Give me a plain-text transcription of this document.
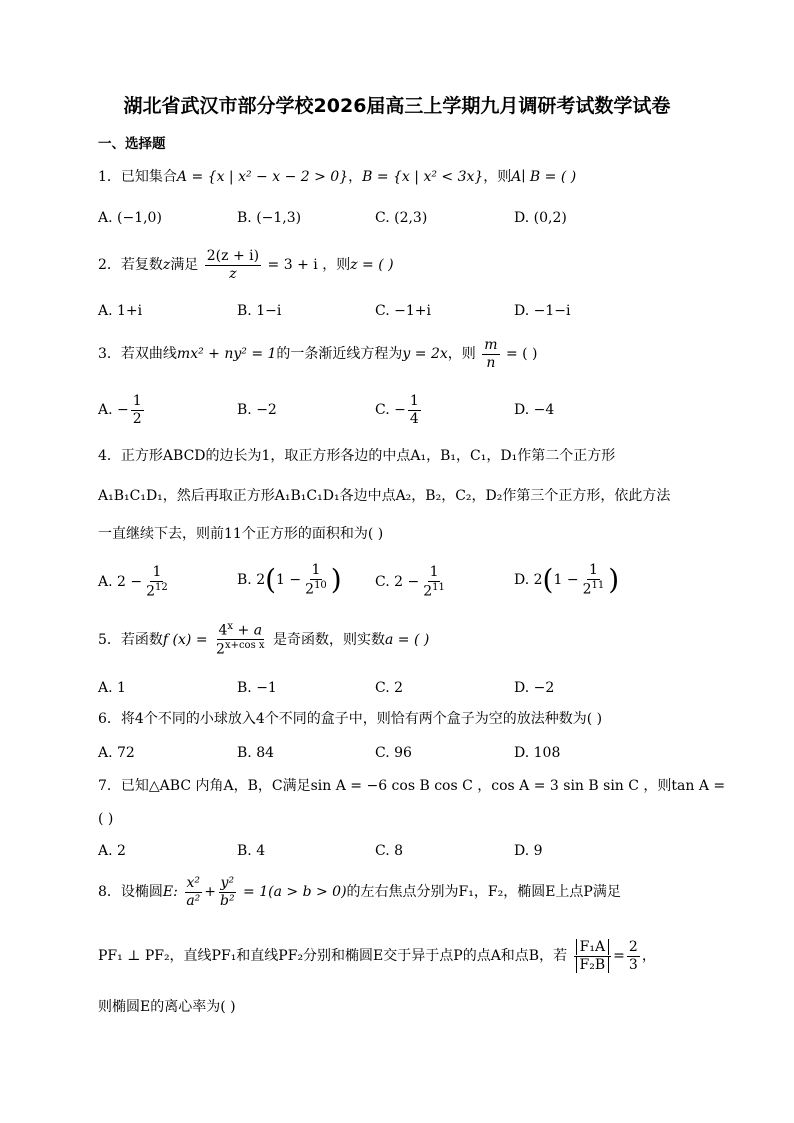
湖北省武汉市部分学校2026届高三上学期九月调研考试数学试卷
一、选择题
1．已知集合A = {x | x² − x − 2 > 0}，B = {x | x² < 3x}，则A∣ B = ( )
A. (−1,0)	B. (−1,3)	C. (2,3)	D. (0,2)
2．若复数z满足 $\frac{2(z + i)}{z} = 3 + i$ ，则z = ( )
A. 1+i	B. 1−i	C. −1+i	D. −1−i
3．若双曲线mx² + ny² = 1的一条渐近线方程为y = 2x，则 $\frac{m}{n}$ = ( )
A. − $\frac{1}{2}$	B. −2	C. − $\frac{1}{4}$	D. −4
4．正方形ABCD的边长为1，取正方形各边的中点A₁，B₁，C₁，D₁作第二个正方形
A₁B₁C₁D₁，然后再取正方形A₁B₁C₁D₁各边中点A₂，B₂，C₂，D₂作第三个正方形，依此方法
一直继续下去，则前11个正方形的面积和为( )
A. $2 - \frac{1}{2^{12}}$	B. $2(1 - \frac{1}{2^{10}}$ ) C. $2 - \frac{1}{2^{11}}$	D. $2(1 - \frac{1}{2^{11}}$ )
5．若函数f $(x) = \frac{4^x + a}{2^{x+cos x}}$ 是奇函数，则实数a = ( )
A. 1	B. −1	C. 2	D. −2
6．将4个不同的小球放入4个不同的盒子中，则恰有两个盒子为空的放法种数为( )
A. 72	B. 84	C. 96	D. 108
7．已知△ABC 内角A，B，C满足sin A = −6 cos B cos C ，cos A = 3 sin B sin C ，则tan A =
( )
A. 2	B. 4	C. 8	D. 9
8．设椭圆E: $\frac{\text{x²}}{\text{a²}} + \frac{\text{y²}}{\text{b²}} = 1(a > b > 0)$的左右焦点分别为F₁，F₂，椭圆E上点P满足
PF₁ ⊥ PF₂，直线PF₁和直线PF₂分别和椭圆E交于异于点P的点A和点B，若 $\frac{\text{F₁A}}{\text{F₂B}} = \frac{2}{3}$ ，
则椭圆E的离心率为( )
